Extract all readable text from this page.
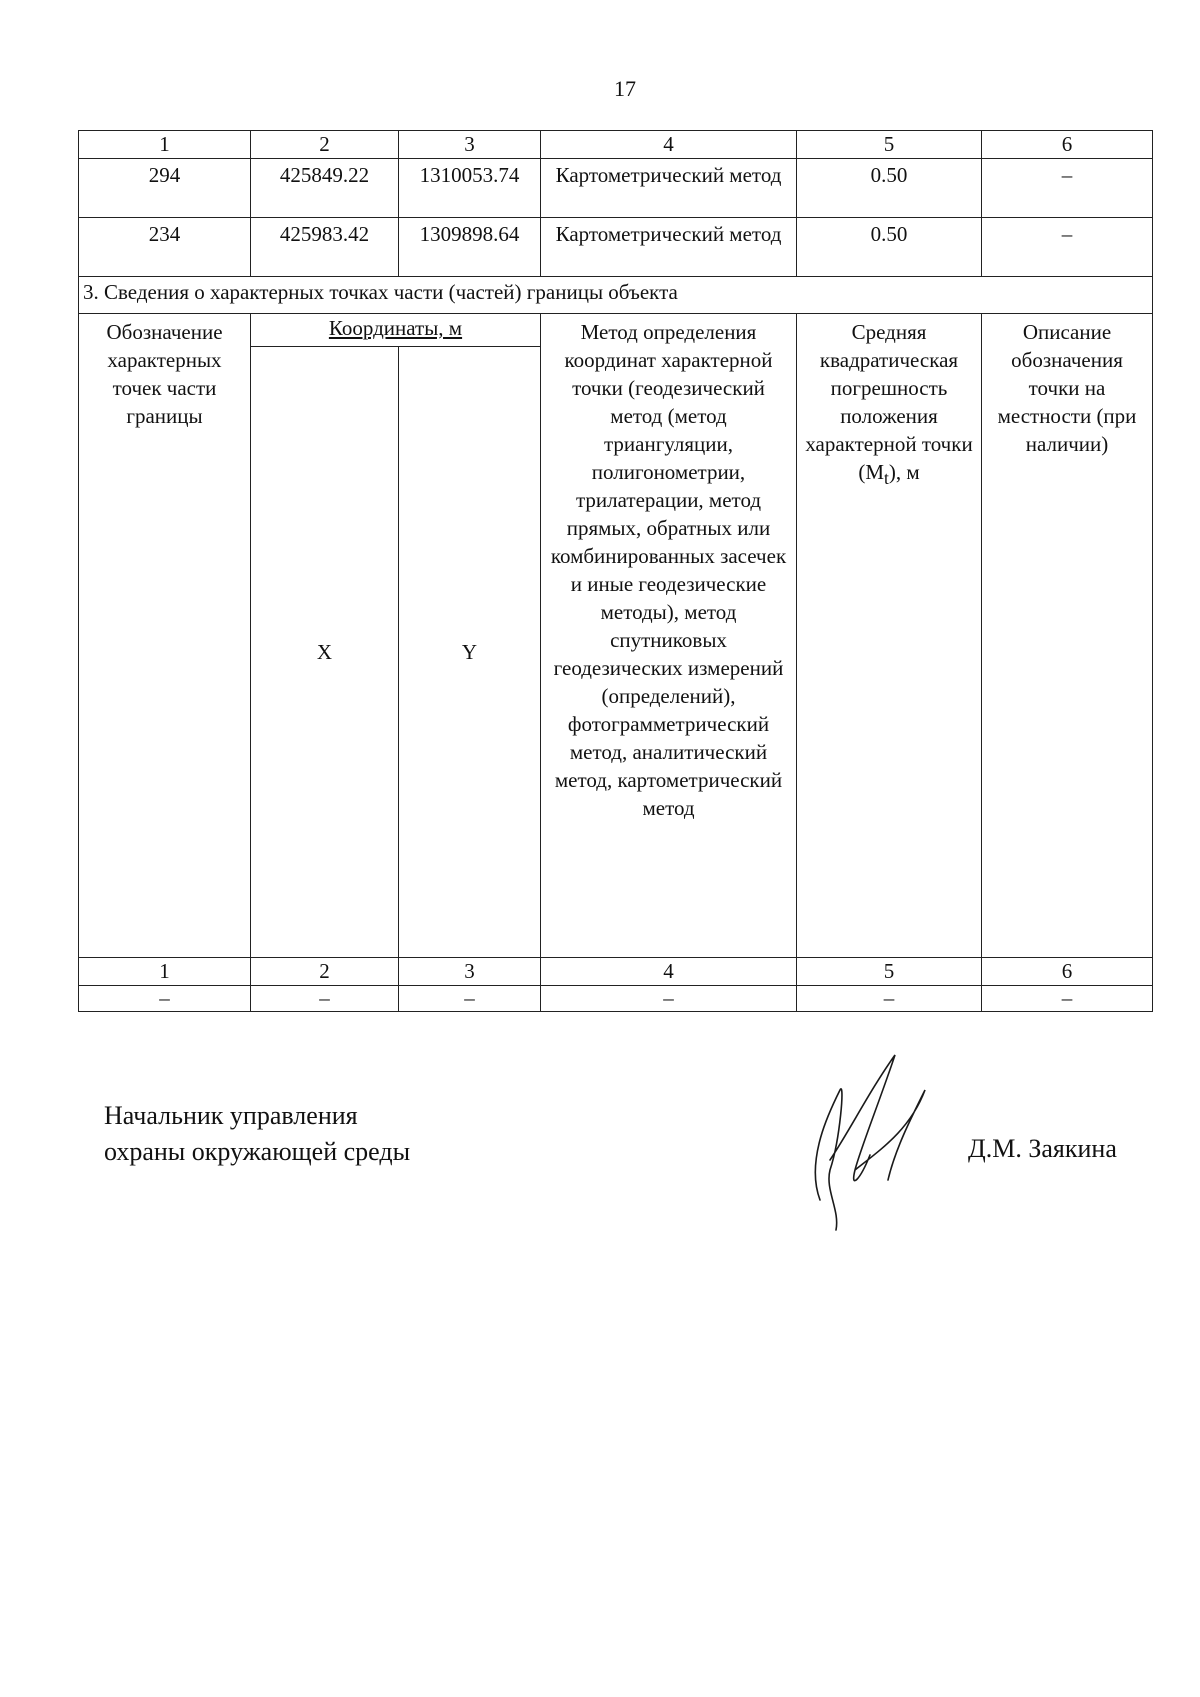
17
1	2	3	4	5	6
294	425849.22	1310053.74	Картометрический метод	0.50	–
234	425983.42	1309898.64	Картометрический метод	0.50	–
3. Сведения о характерных точках части (частей) границы объекта					
Обозначение характерных точек части границы	Координаты, м		Метод определения координат характерной точки (геодезический метод (метод триангуляции, полигонометрии, трилатерации, метод прямых, обратных или комбинированных засечек и иные геодезические методы), метод спутниковых геодезических измерений (определений), фотограмметрический метод, аналитический метод, картометрический метод	Средняя квадратическая погрешность положения характерной точки $(M_t)$, м	Описание обозначения точки на местности (при наличии)
	X	Y			
1	2	3	4	5	6
–	–	–	–	–	–
Начальник управления
охраны окружающей среды	Д.М. Заякина
